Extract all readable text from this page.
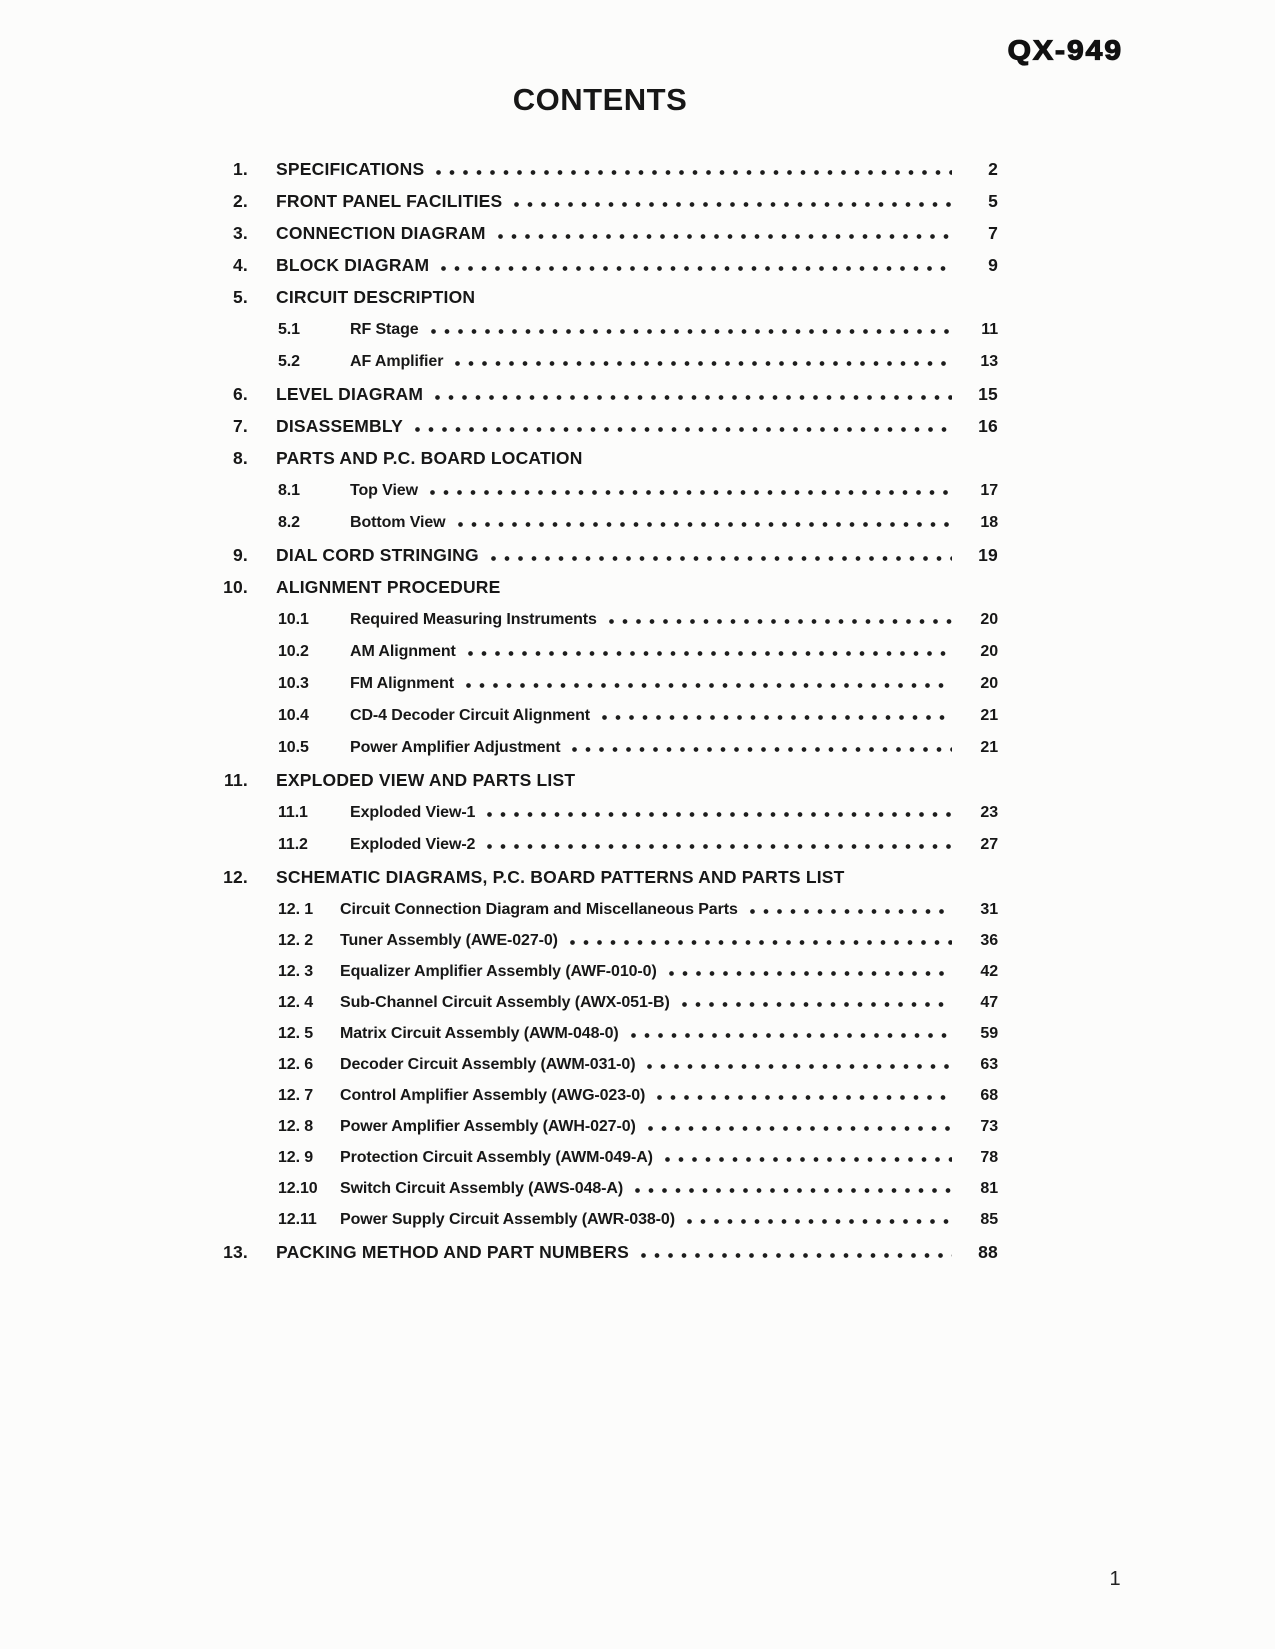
QX-949
CONTENTS
1. SPECIFICATIONS	2
2. FRONT PANEL FACILITIES	5
3. CONNECTION DIAGRAM	7
4. BLOCK DIAGRAM	9
5. CIRCUIT DESCRIPTION
5.1	RF Stage	11
5.2	AF Amplifier	13
6. LEVEL DIAGRAM	15
7. DISASSEMBLY	16
8. PARTS AND P.C. BOARD LOCATION
8.1	Top View	17
8.2	Bottom View	18
9. DIAL CORD STRINGING	19
10. ALIGNMENT PROCEDURE
10.1	Required Measuring Instruments	20
10.2	AM Alignment	20
10.3	FM Alignment	20
10.4	CD-4 Decoder Circuit Alignment	21
10.5	Power Amplifier Adjustment	21
11. EXPLODED VIEW AND PARTS LIST
11.1	Exploded View-1	23
11.2	Exploded View-2	27
12. SCHEMATIC DIAGRAMS, P.C. BOARD PATTERNS AND PARTS LIST
12. 1	Circuit Connection Diagram and Miscellaneous Parts	31
12. 2	Tuner Assembly (AWE-027-0)	36
12. 3	Equalizer Amplifier Assembly (AWF-010-0)	42
12. 4	Sub-Channel Circuit Assembly (AWX-051-B)	47
12. 5	Matrix Circuit Assembly (AWM-048-0)	59
12. 6	Decoder Circuit Assembly (AWM-031-0)	63
12. 7	Control Amplifier Assembly (AWG-023-0)	68
12. 8	Power Amplifier Assembly (AWH-027-0)	73
12. 9	Protection Circuit Assembly (AWM-049-A)	78
12.10	Switch Circuit Assembly (AWS-048-A)	81
12.11	Power Supply Circuit Assembly (AWR-038-0)	85
13. PACKING METHOD AND PART NUMBERS	88
1
